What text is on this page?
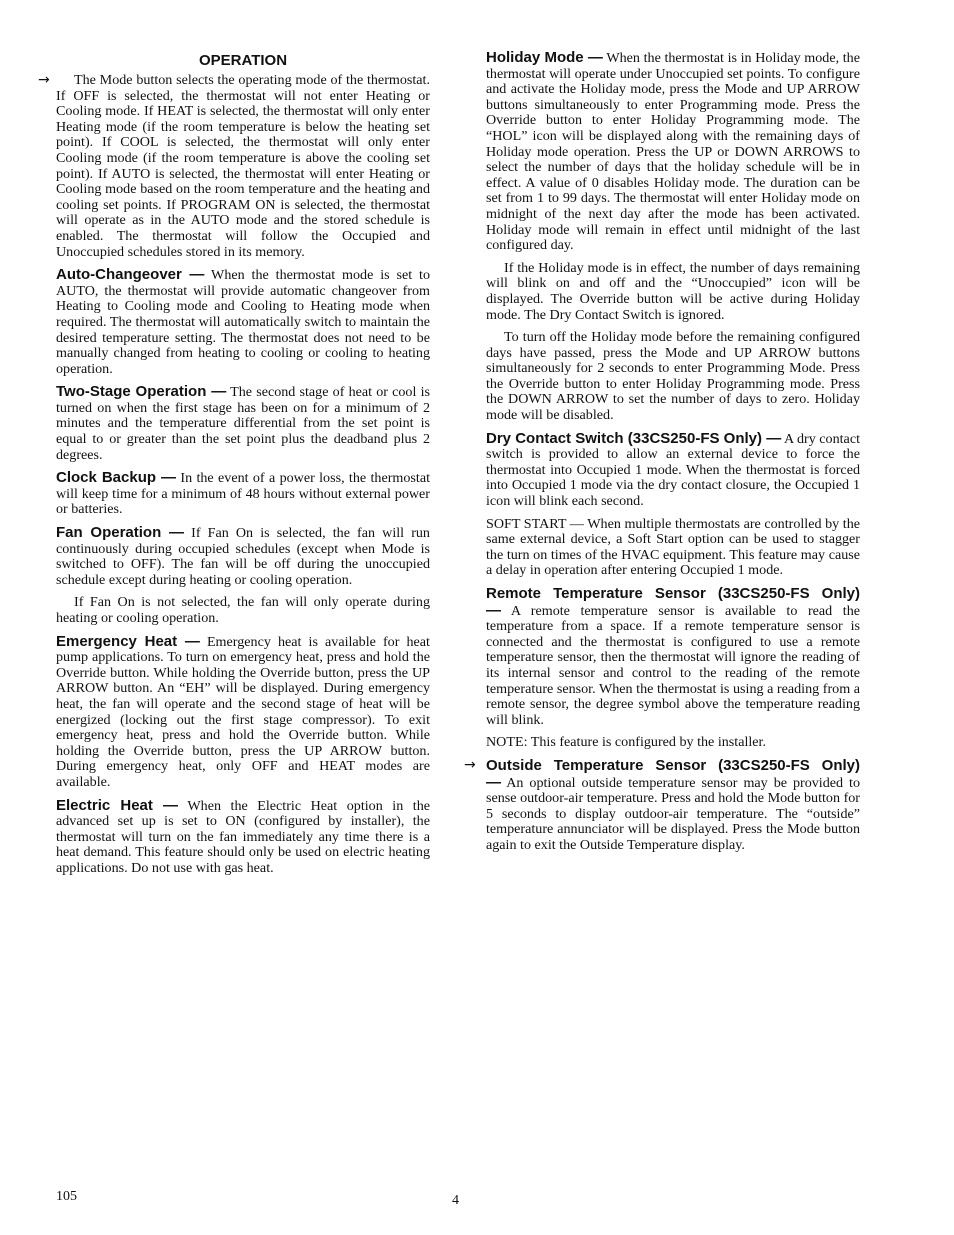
OPERATION
→	The Mode button selects the operating mode of the thermostat. If OFF is selected, the thermostat will not enter Heating or Cooling mode. If HEAT is selected, the thermostat will only enter Heating mode (if the room temperature is below the heating set point). If COOL is selected, the thermostat will only enter Cooling mode (if the room temperature is above the cooling set point). If AUTO is selected, the thermostat will enter Heating or Cooling mode based on the room temperature and the heating and cooling set points. If PROGRAM ON is selected, the thermostat will operate as in the AUTO mode and the stored schedule is enabled. The thermostat will follow the Occupied and Unoccupied schedules stored in its memory.

Auto-Changeover — When the thermostat mode is set to AUTO, the thermostat will provide automatic changeover from Heating to Cooling mode and Cooling to Heating mode when required. The thermostat will automatically switch to maintain the desired temperature setting. The thermostat does not need to be manually changed from heating to cooling or cooling to heating operation.

Two-Stage Operation — The second stage of heat or cool is turned on when the first stage has been on for a minimum of 2 minutes and the temperature differential from the set point is equal to or greater than the set point plus the deadband plus 2 degrees.

Clock Backup — In the event of a power loss, the thermostat will keep time for a minimum of 48 hours without external power or batteries.

Fan Operation — If Fan On is selected, the fan will run continuously during occupied schedules (except when Mode is switched to OFF). The fan will be off during the unoccupied schedule except during heating or cooling operation.

If Fan On is not selected, the fan will only operate during heating or cooling operation.

Emergency Heat — Emergency heat is available for heat pump applications. To turn on emergency heat, press and hold the Override button. While holding the Override button, press the UP ARROW button. An “EH” will be displayed. During emergency heat, the fan will operate and the second stage of heat will be energized (locking out the first stage compressor). To exit emergency heat, press and hold the Override button. While holding the Override button, press the UP ARROW button. During emergency heat, only OFF and HEAT modes are available.

Electric Heat — When the Electric Heat option in the advanced set up is set to ON (configured by installer), the thermostat will turn on the fan immediately any time there is a heat demand. This feature should only be used on electric heating applications. Do not use with gas heat.

Holiday Mode — When the thermostat is in Holiday mode, the thermostat will operate under Unoccupied set points. To configure and activate the Holiday mode, press the Mode and UP ARROW buttons simultaneously to enter Programming mode. Press the Override button to enter Holiday Programming mode. The “HOL” icon will be displayed along with the remaining days of Holiday mode operation. Press the UP or DOWN ARROWS to select the number of days that the holiday schedule will be in effect. A value of 0 disables Holiday mode. The duration can be set from 1 to 99 days. The thermostat will enter Holiday mode on midnight of the next day after the mode has been activated. Holiday mode will remain in effect until midnight of the last configured day.

If the Holiday mode is in effect, the number of days remaining will blink on and off and the “Unoccupied” icon will be displayed. The Override button will be active during Holiday mode. The Dry Contact Switch is ignored.

To turn off the Holiday mode before the remaining configured days have passed, press the Mode and UP ARROW buttons simultaneously for 2 seconds to enter Programming Mode. Press the Override button to enter Holiday Programming mode. Press the DOWN ARROW to set the number of days to zero. Holiday mode will be disabled.

Dry Contact Switch (33CS250-FS Only) — A dry contact switch is provided to allow an external device to force the thermostat into Occupied 1 mode. When the thermostat is forced into Occupied 1 mode via the dry contact closure, the Occupied 1 icon will blink each second.

SOFT START — When multiple thermostats are controlled by the same external device, a Soft Start option can be used to stagger the turn on times of the HVAC equipment. This feature may cause a delay in operation after entering Occupied 1 mode.

Remote Temperature Sensor (33CS250-FS Only) — A remote temperature sensor is available to read the temperature from a space. If a remote temperature sensor is connected and the thermostat is configured to use a remote temperature sensor, then the thermostat will ignore the reading of its internal sensor and control to the reading of the remote temperature sensor. When the thermostat is using a reading from a remote sensor, the degree symbol above the temperature reading will blink.

NOTE: This feature is configured by the installer.

→ Outside Temperature Sensor (33CS250-FS Only) — An optional outside temperature sensor may be provided to sense outdoor-air temperature. Press and hold the Mode button for 5 seconds to display outdoor-air temperature. The “outside” temperature annunciator will be displayed. Press the Mode button again to exit the Outside Temperature display.

105	4
